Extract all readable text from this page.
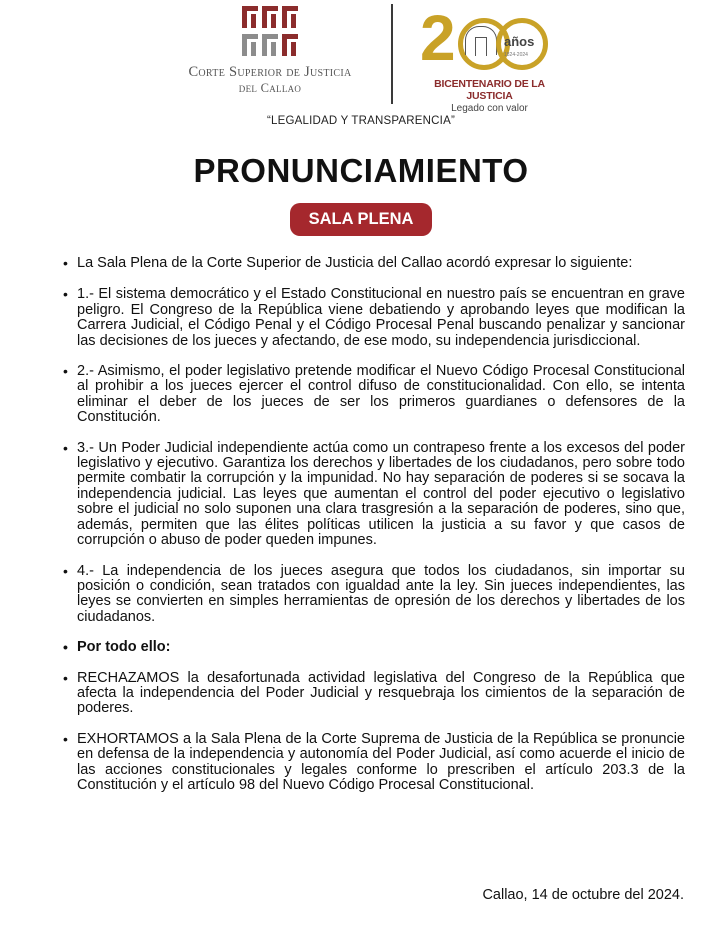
Corte Superior de Justicia
del Callao
2	años
1824-2024
BICENTENARIO DE LA JUSTICIA
Legado con valor
“LEGALIDAD Y TRANSPARENCIA”
PRONUNCIAMIENTO
SALA PLENA

• La Sala Plena de la Corte Superior de Justicia del Callao acordó expresar lo siguiente:

• 1.- El sistema democrático y el Estado Constitucional en nuestro país se encuentran en grave peligro. El Congreso de la República viene debatiendo y aprobando leyes que modifican la Carrera Judicial, el Código Penal y el Código Procesal Penal buscando penalizar y sancionar las decisiones de los jueces y afectando, de ese modo, su independencia jurisdiccional.

• 2.- Asimismo, el poder legislativo pretende modificar el Nuevo Código Procesal Constitucional al prohibir a los jueces ejercer el control difuso de constitucionalidad. Con ello, se intenta eliminar el deber de los jueces de ser los primeros guardianes o defensores de la Constitución.

• 3.- Un Poder Judicial independiente actúa como un contrapeso frente a los excesos del poder legislativo y ejecutivo. Garantiza los derechos y libertades de los ciudadanos, pero sobre todo permite combatir la corrupción y la impunidad. No hay separación de poderes si se socava la independencia judicial. Las leyes que aumentan el control del poder ejecutivo o legislativo sobre el judicial no solo suponen una clara trasgresión a la separación de poderes, sino que, además, permiten que las élites políticas utilicen la justicia a su favor y que casos de corrupción o abuso de poder queden impunes.

• 4.- La independencia de los jueces asegura que todos los ciudadanos, sin importar su posición o condición, sean tratados con igualdad ante la ley. Sin jueces independientes, las leyes se convierten en simples herramientas de opresión de los derechos y libertades de los ciudadanos.

• Por todo ello:

• RECHAZAMOS la desafortunada actividad legislativa del Congreso de la República que afecta la independencia del Poder Judicial y resquebraja los cimientos de la separación de poderes.

• EXHORTAMOS a la Sala Plena de la Corte Suprema de Justicia de la República se pronuncie en defensa de la independencia y autonomía del Poder Judicial, así como acuerde el inicio de las acciones constitucionales y legales conforme lo prescriben el artículo 203.3 de la Constitución y el artículo 98 del Nuevo Código Procesal Constitucional.

Callao, 14 de octubre del 2024.
